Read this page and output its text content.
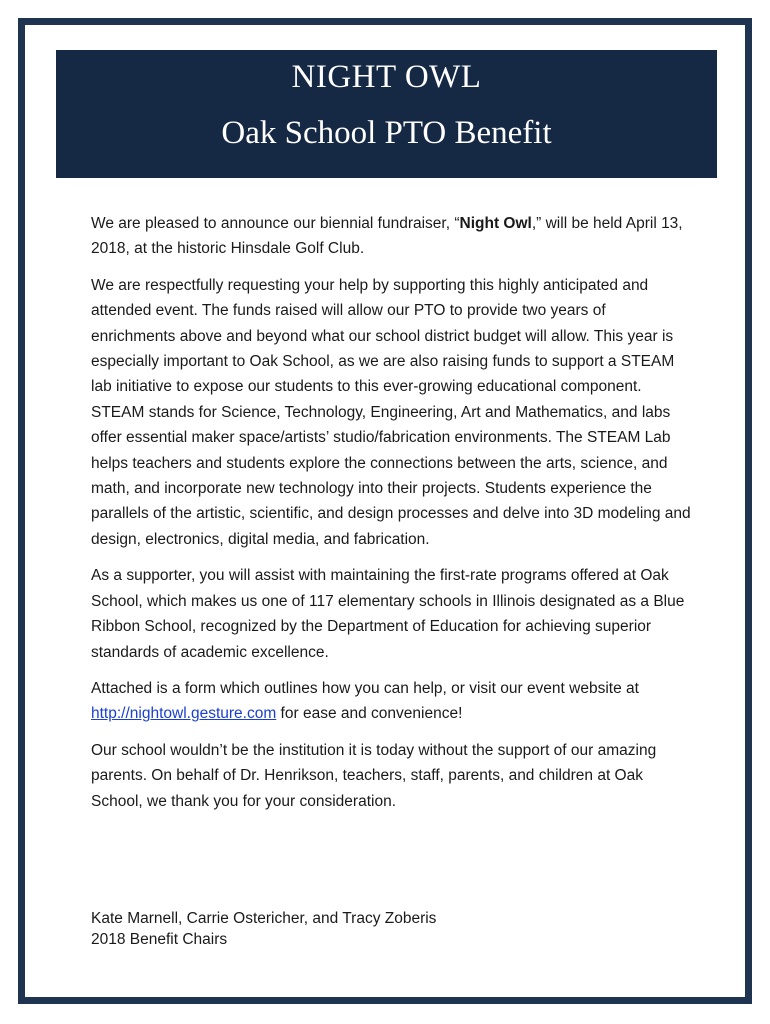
NIGHT OWL
Oak School PTO Benefit

We are pleased to announce our biennial fundraiser, “Night Owl,” will be held April 13, 2018, at the historic Hinsdale Golf Club.

We are respectfully requesting your help by supporting this highly anticipated and attended event. The funds raised will allow our PTO to provide two years of enrichments above and beyond what our school district budget will allow. This year is especially important to Oak School, as we are also raising funds to support a STEAM lab initiative to expose our students to this ever-growing educational component. STEAM stands for Science, Technology, Engineering, Art and Mathematics, and labs offer essential maker space/artists’ studio/fabrication environments. The STEAM Lab helps teachers and students explore the connections between the arts, science, and math, and incorporate new technology into their projects. Students experience the parallels of the artistic, scientific, and design processes and delve into 3D modeling and design, electronics, digital media, and fabrication.

As a supporter, you will assist with maintaining the first-rate programs offered at Oak School, which makes us one of 117 elementary schools in Illinois designated as a Blue Ribbon School, recognized by the Department of Education for achieving superior standards of academic excellence.

Attached is a form which outlines how you can help, or visit our event website at http://nightowl.gesture.com for ease and convenience!

Our school wouldn’t be the institution it is today without the support of our amazing parents. On behalf of Dr. Henrikson, teachers, staff, parents, and children at Oak School, we thank you for your consideration.

Kate Marnell, Carrie Ostericher, and Tracy Zoberis
2018 Benefit Chairs
